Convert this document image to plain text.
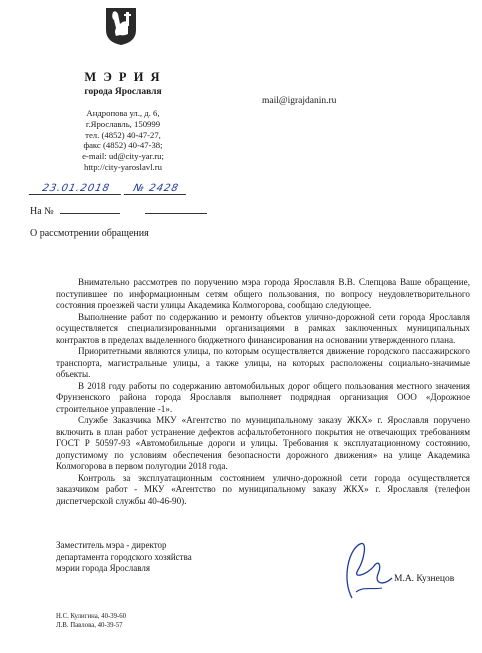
М Э Р И Я
города Ярославля
Андропова ул., д. 6,
г.Ярославль, 150999
тел. (4852) 40-47-27,
факс (4852) 40-47-38;
e-mail: ud@city-yar.ru;
http://city-yaroslavl.ru
mail@igrajdanin.ru
23.01.2018 № 2428
На №
О рассмотрении обращения

Внимательно рассмотрев по поручению мэра города Ярославля В.В. Слепцова Ваше обращение, поступившее по информационным сетям общего пользования, по вопросу неудовлетворительного состояния проезжей части улицы Академика Колмогорова, сообщаю следующее.

Выполнение работ по содержанию и ремонту объектов улично-дорожной сети города Ярославля осуществляется специализированными организациями в рамках заключенных муниципальных контрактов в пределах выделенного бюджетного финансирования на основании утвержденного плана.

Приоритетными являются улицы, по которым осуществляется движение городского пассажирского транспорта, магистральные улицы, а также улицы, на которых расположены социально-значимые объекты.

В 2018 году работы по содержанию автомобильных дорог общего пользования местного значения Фрунзенского района города Ярославля выполняет подрядная организация ООО «Дорожное строительное управление -1».

Службе Заказчика МКУ «Агентство по муниципальному заказу ЖКХ» г. Ярославля поручено включить в план работ устранение дефектов асфальтобетонного покрытия не отвечающих требованиям ГОСТ Р 50597-93 «Автомобильные дороги и улицы. Требования к эксплуатационному состоянию, допустимому по условиям обеспечения безопасности дорожного движения» на улице Академика Колмогорова в первом полугодии 2018 года.

Контроль за эксплуатационным состоянием улично-дорожной сети города осуществляется заказчиком работ - МКУ «Агентство по муниципальному заказу ЖКХ» г. Ярославля (телефон диспетчерской службы 40-46-90).

Заместитель мэра - директор
департамента городского хозяйства
мэрии города Ярославля
М.А. Кузнецов
Н.С. Кулигина, 40-39-60
Л.В. Павлова, 40-39-57
